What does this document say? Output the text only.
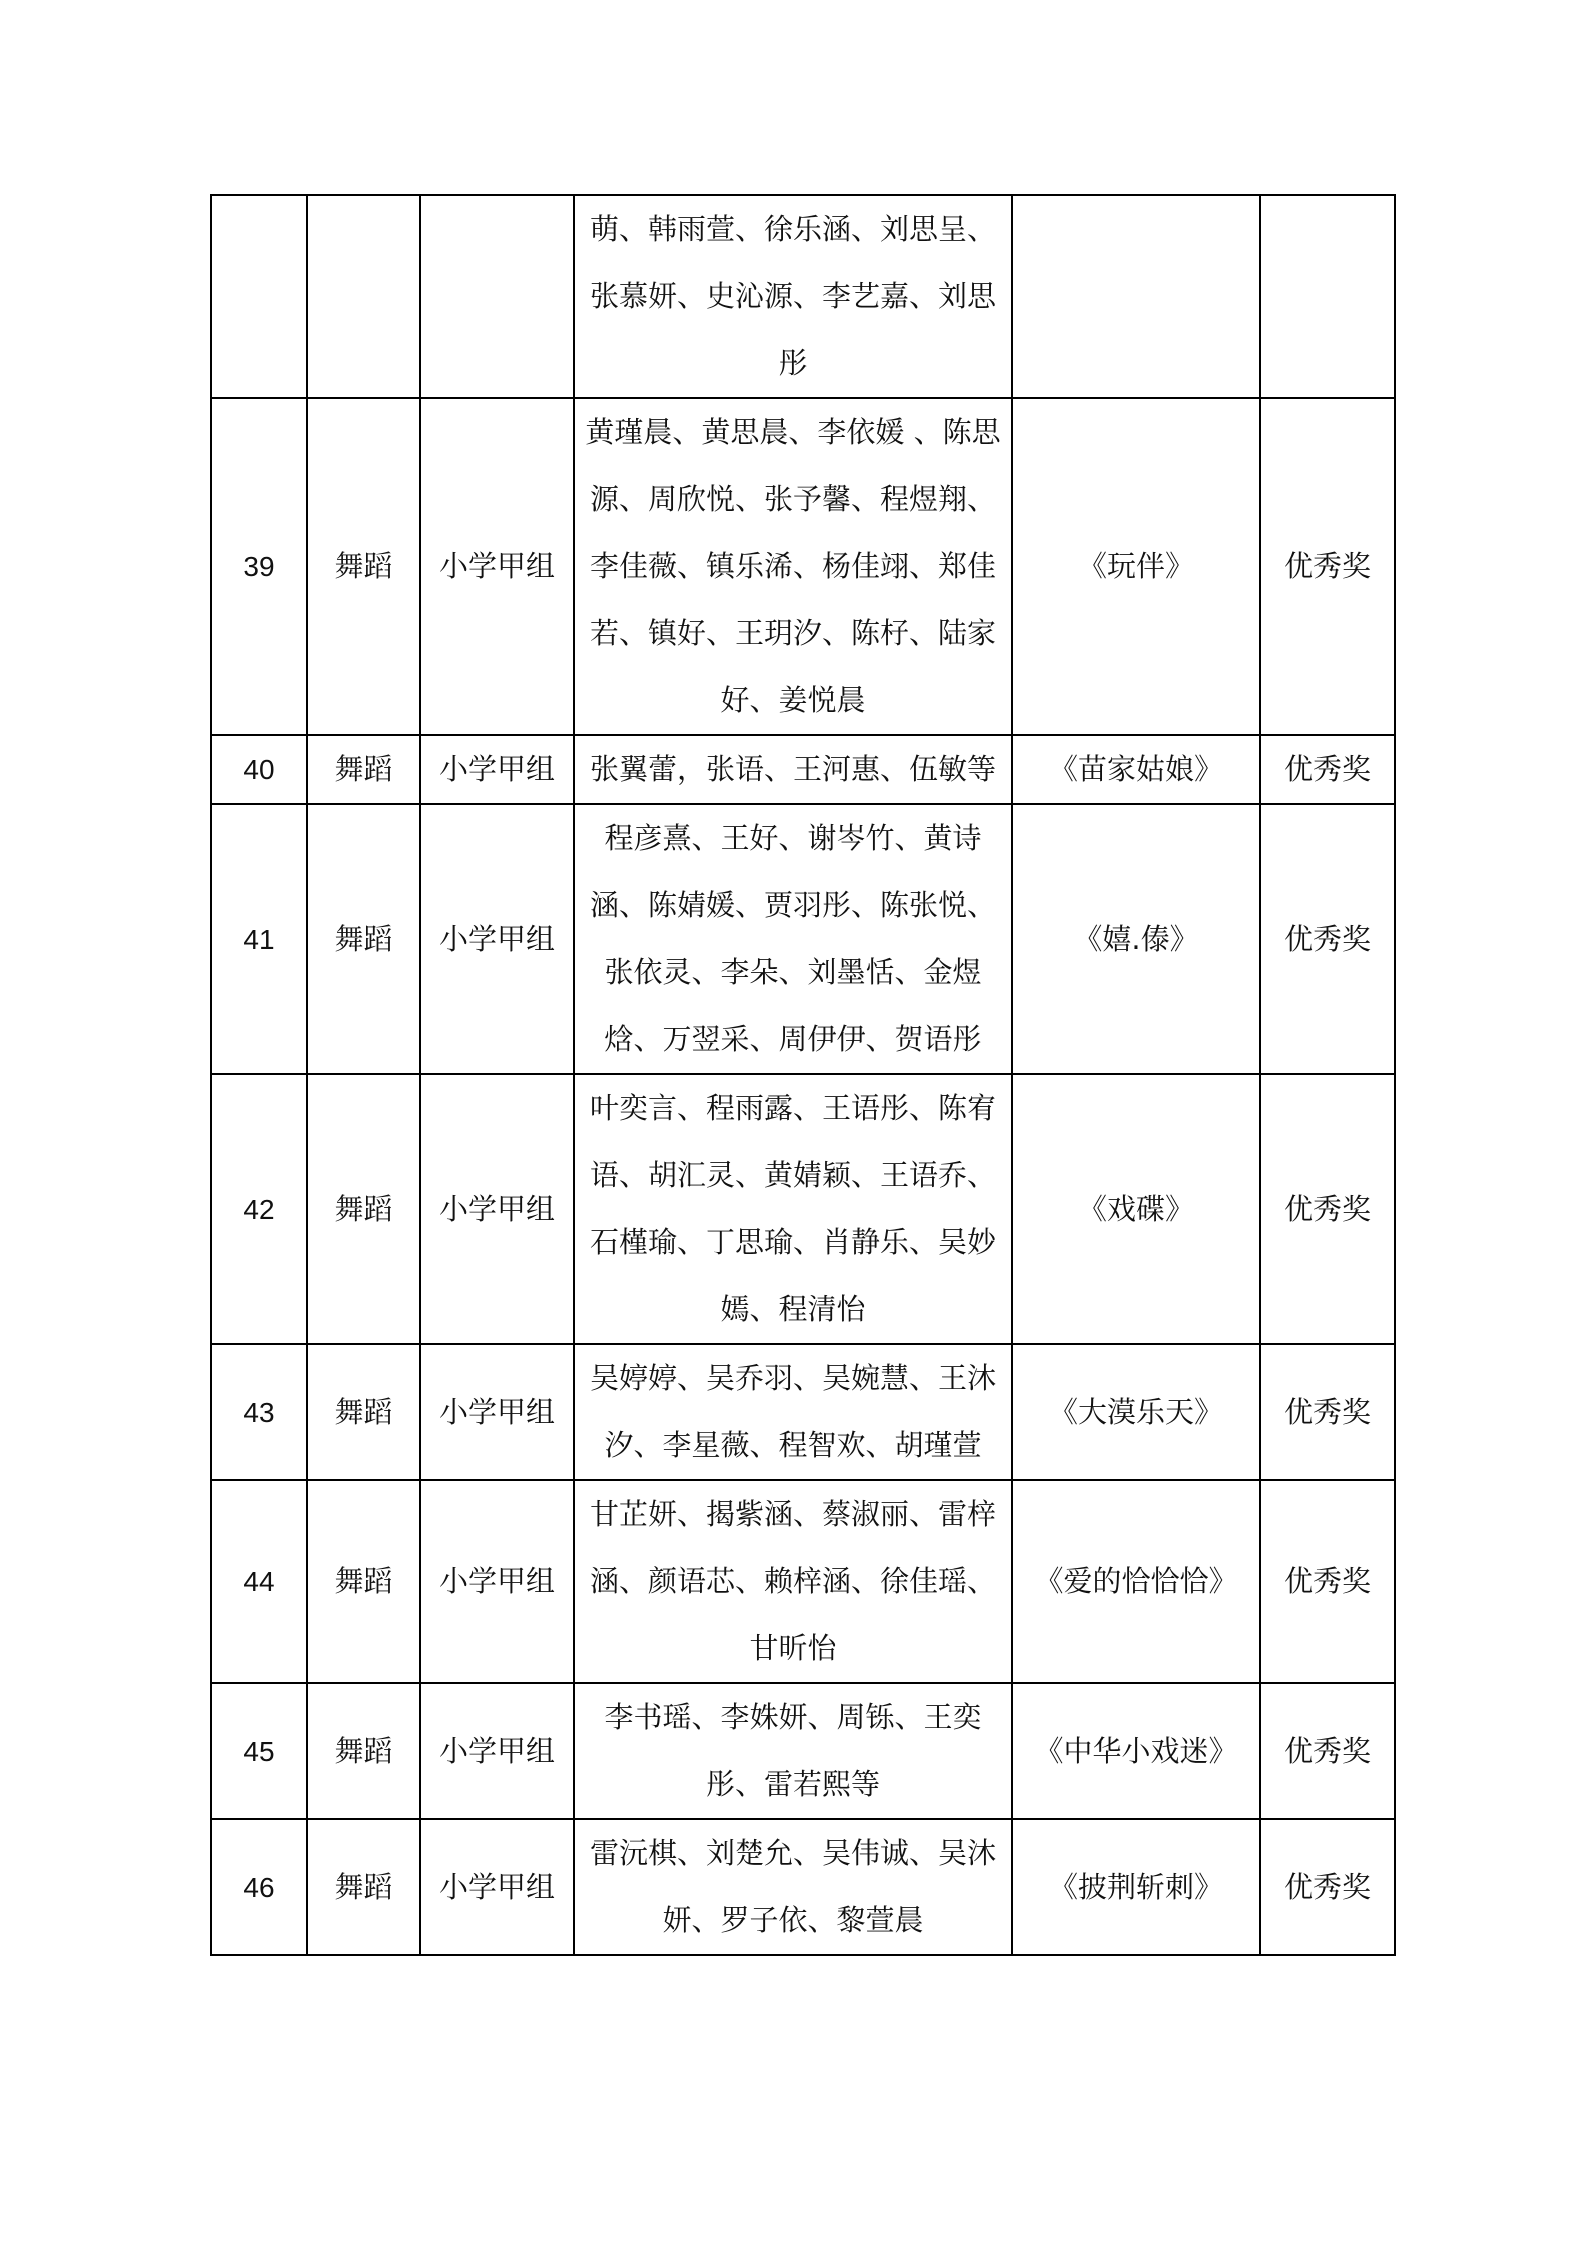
			萌、韩雨萱、徐乐涵、刘思呈、张慕妍、史沁源、李艺嘉、刘思彤		
39	舞蹈	小学甲组	黄瑾晨、黄思晨、李依媛 、陈思源、周欣悦、张予馨、程煜翔、李佳薇、镇乐浠、杨佳翊、郑佳若、镇好、王玥汐、陈杍、陆家好、姜悦晨	《玩伴》	优秀奖
40	舞蹈	小学甲组	张翼蕾，张语、王河惠、伍敏等	《苗家姑娘》	优秀奖
41	舞蹈	小学甲组	程彦熹、王好、谢岑竹、黄诗涵、陈婧媛、贾羽彤、陈张悦、张依灵、李朵、刘墨恬、金煜焓、万翌采、周伊伊、贺语彤	《嬉.傣》	优秀奖
42	舞蹈	小学甲组	叶奕言、程雨露、王语彤、陈宥语、胡汇灵、黄婧颖、王语乔、石槿瑜、丁思瑜、肖静乐、吴妙嫣、程清怡	《戏碟》	优秀奖
43	舞蹈	小学甲组	吴婷婷、吴乔羽、吴婉慧、王沐汐、李星薇、程智欢、胡瑾萱	《大漠乐天》	优秀奖
44	舞蹈	小学甲组	甘芷妍、揭紫涵、蔡淑丽、雷梓涵、颜语芯、赖梓涵、徐佳瑶、甘昕怡	《爱的恰恰恰》	优秀奖
45	舞蹈	小学甲组	李书瑶、李姝妍、周铄、王奕彤、雷若熙等	《中华小戏迷》	优秀奖
46	舞蹈	小学甲组	雷沅棋、刘楚允、吴伟诚、吴沐妍、罗子依、黎萱晨	《披荆斩刺》	优秀奖
